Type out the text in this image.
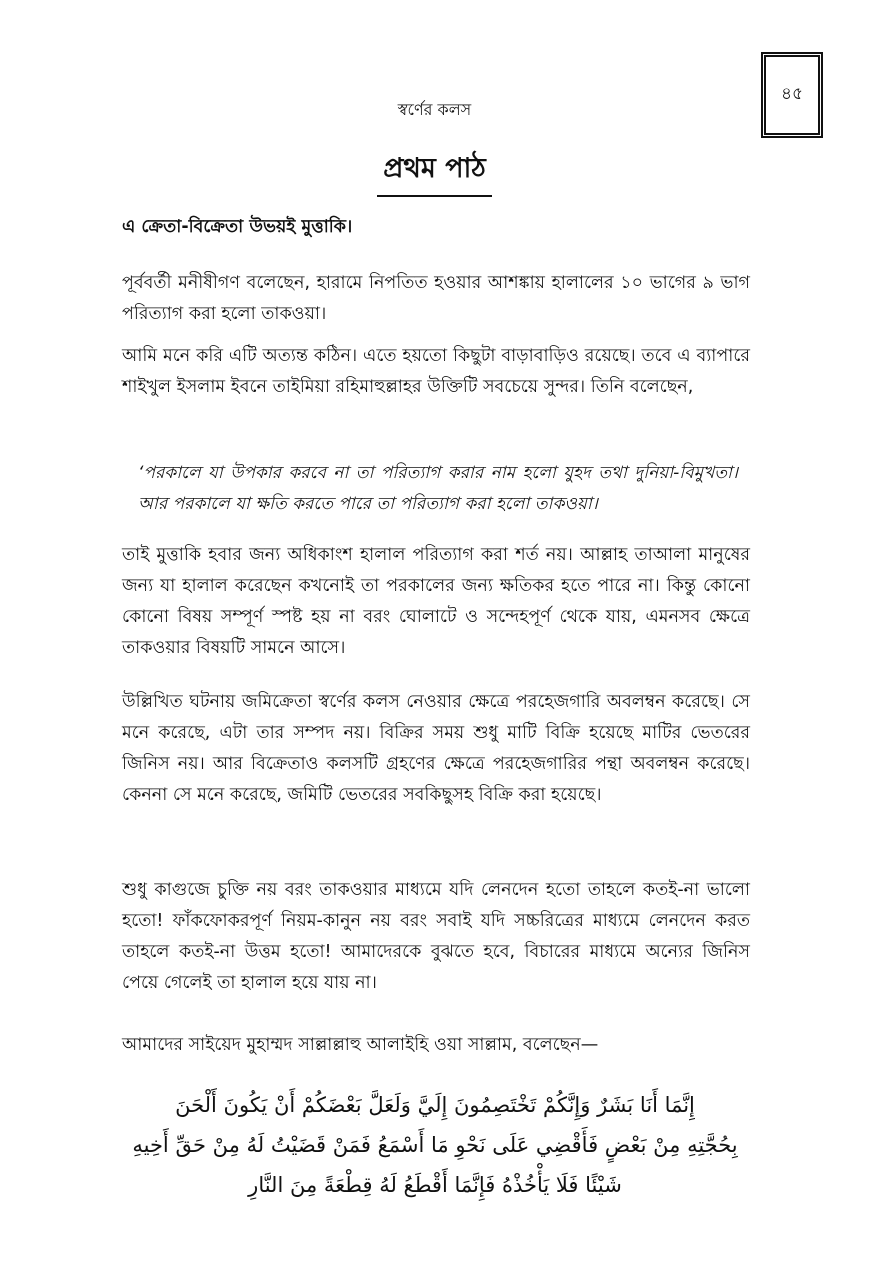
৪৫
স্বর্ণের কলস
প্রথম পাঠ
এ ক্রেতা-বিক্রেতা উভয়ই মুত্তাকি।
পূর্ববর্তী মনীষীগণ বলেছেন, হারামে নিপতিত হওয়ার আশঙ্কায় হালালের ১০ ভাগের ৯ ভাগ পরিত্যাগ করা হলো তাকওয়া।
আমি মনে করি এটি অত্যন্ত কঠিন। এতে হয়তো কিছুটা বাড়াবাড়িও রয়েছে। তবে এ ব্যাপারে শাইখুল ইসলাম ইবনে তাইমিয়া রহিমাহুল্লাহর উক্তিটি সবচেয়ে সুন্দর। তিনি বলেছেন,
‘পরকালে যা উপকার করবে না তা পরিত্যাগ করার নাম হলো যুহদ তথা দুনিয়া-বিমুখতা। আর পরকালে যা ক্ষতি করতে পারে তা পরিত্যাগ করা হলো তাকওয়া।
তাই মুত্তাকি হবার জন্য অধিকাংশ হালাল পরিত্যাগ করা শর্ত নয়। আল্লাহ তাআলা মানুষের জন্য যা হালাল করেছেন কখনোই তা পরকালের জন্য ক্ষতিকর হতে পারে না। কিন্তু কোনো কোনো বিষয় সম্পূর্ণ স্পষ্ট হয় না বরং ঘোলাটে ও সন্দেহপূর্ণ থেকে যায়, এমনসব ক্ষেত্রে তাকওয়ার বিষয়টি সামনে আসে।
উল্লিখিত ঘটনায় জমিক্রেতা স্বর্ণের কলস নেওয়ার ক্ষেত্রে পরহেজগারি অবলম্বন করেছে। সে মনে করেছে, এটা তার সম্পদ নয়। বিক্রির সময় শুধু মাটি বিক্রি হয়েছে মাটির ভেতরের জিনিস নয়। আর বিক্রেতাও কলসটি গ্রহণের ক্ষেত্রে পরহেজগারির পন্থা অবলম্বন করেছে। কেননা সে মনে করেছে, জমিটি ভেতরের সবকিছুসহ বিক্রি করা হয়েছে।
শুধু কাগুজে চুক্তি নয় বরং তাকওয়ার মাধ্যমে যদি লেনদেন হতো তাহলে কতই-না ভালো হতো! ফাঁকফোকরপূর্ণ নিয়ম-কানুন নয় বরং সবাই যদি সচ্চরিত্রের মাধ্যমে লেনদেন করত তাহলে কতই-না উত্তম হতো! আমাদেরকে বুঝতে হবে, বিচারের মাধ্যমে অন্যের জিনিস পেয়ে গেলেই তা হালাল হয়ে যায় না।
আমাদের সাইয়েদ মুহাম্মদ সাল্লাল্লাহু আলাইহি ওয়া সাল্লাম, বলেছেন—
إِنَّمَا أَنَا بَشَرٌ وَإِنَّكُمْ تَخْتَصِمُونَ إِلَيَّ وَلَعَلَّ بَعْضَكُمْ أَنْ يَكُونَ أَلْحَنَ
بِحُجَّتِهِ مِنْ بَعْضٍ فَأَقْضِي عَلَى نَحْوِ مَا أَسْمَعُ فَمَنْ قَضَيْتُ لَهُ مِنْ حَقِّ أَخِيهِ
شَيْئًا فَلَا يَأْخُذْهُ فَإِنَّمَا أَقْطَعُ لَهُ قِطْعَةً مِنَ النَّارِ
